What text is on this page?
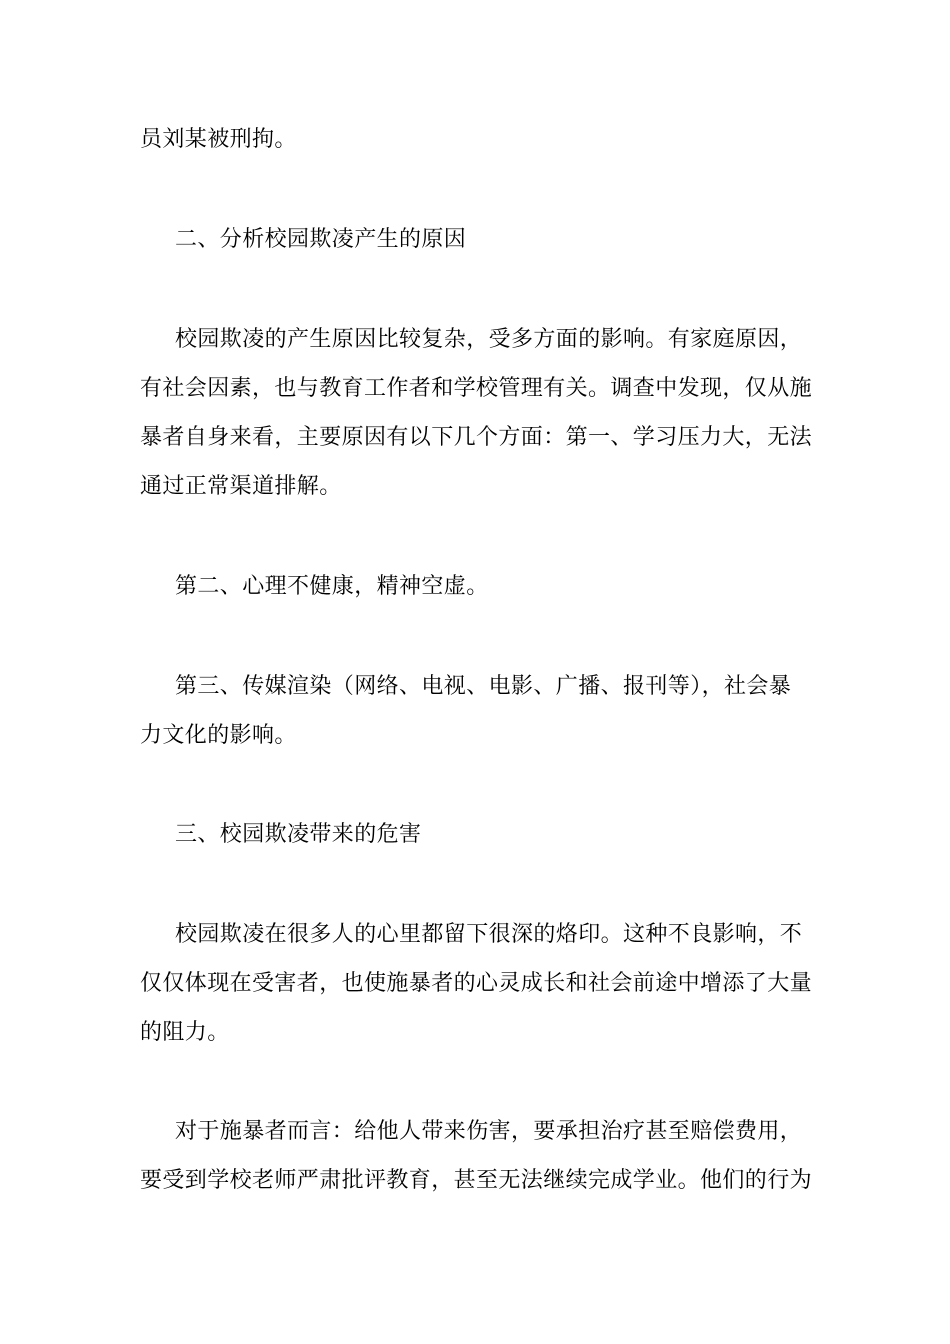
员刘某被刑拘。
二、分析校园欺凌产生的原因
校园欺凌的产生原因比较复杂，受多方面的影响。有家庭原因，
有社会因素，也与教育工作者和学校管理有关。调查中发现，仅从施
暴者自身来看，主要原因有以下几个方面：第一、学习压力大，无法
通过正常渠道排解。
第二、心理不健康，精神空虚。
第三、传媒渲染（网络、电视、电影、广播、报刊等），社会暴
力文化的影响。
三、校园欺凌带来的危害
校园欺凌在很多人的心里都留下很深的烙印。这种不良影响，不
仅仅体现在受害者，也使施暴者的心灵成长和社会前途中增添了大量
的阻力。
对于施暴者而言：给他人带来伤害，要承担治疗甚至赔偿费用，
要受到学校老师严肃批评教育，甚至无法继续完成学业。他们的行为
